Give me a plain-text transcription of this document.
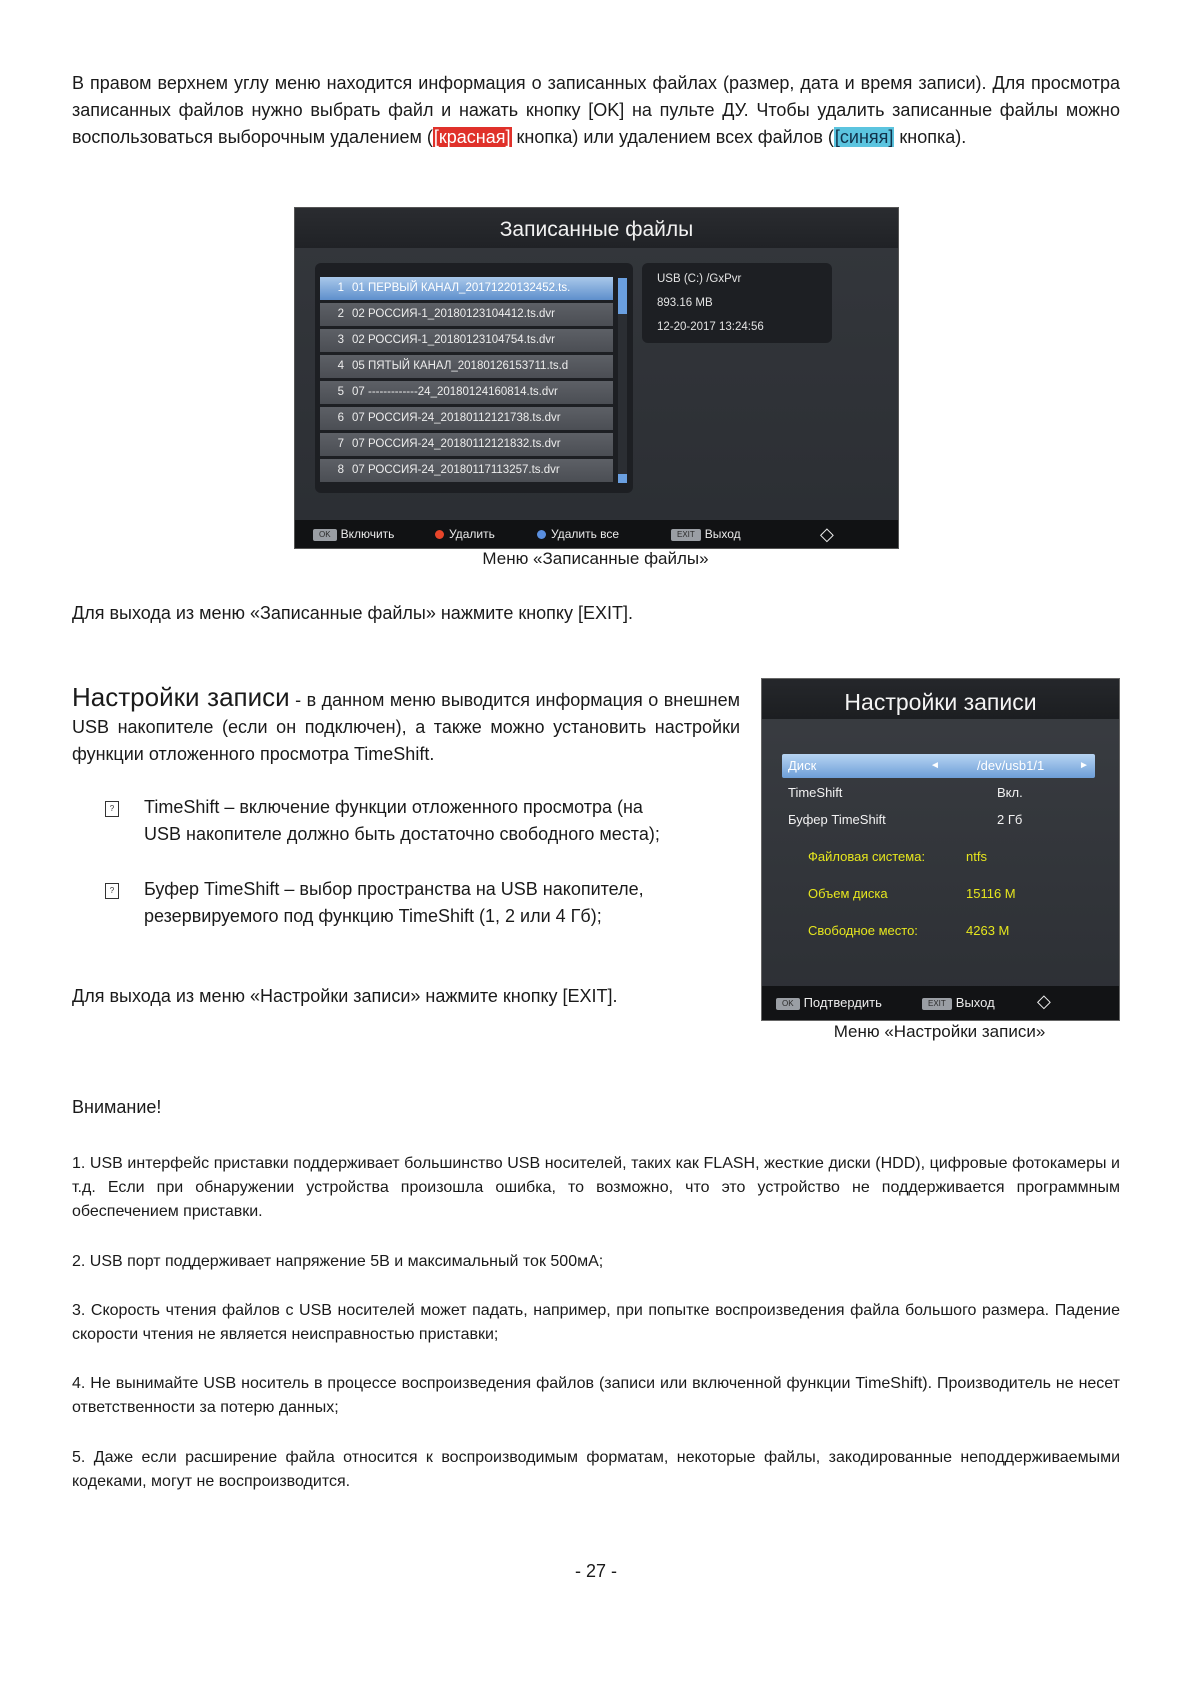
В правом верхнем углу меню находится информация о записанных файлах (размер, дата и время записи). Для просмотра записанных файлов нужно выбрать файл и нажать кнопку [OK] на пульте ДУ. Чтобы удалить записанные файлы можно воспользоваться выборочным удалением ([красная] кнопка) или удалением всех файлов ([синяя] кнопка).
Записанные файлы
1 01 ПЕРВЫЙ КАНАЛ_20171220132452.ts.
2 02 РОССИЯ-1_20180123104412.ts.dvr
3 02 РОССИЯ-1_20180123104754.ts.dvr
4 05 ПЯТЫЙ КАНАЛ_20180126153711.ts.d
5 07 -------------24_20180124160814.ts.dvr
6 07 РОССИЯ-24_20180112121738.ts.dvr
7 07 РОССИЯ-24_20180112121832.ts.dvr
8 07 РОССИЯ-24_20180117113257.ts.dvr
USB (C:) /GxPvr
893.16 MB
12-20-2017 13:24:56
OK Включить	Удалить	Удалить все	EXIT Выход	◇
Меню «Записанные файлы»
Для выхода из меню «Записанные файлы» нажмите кнопку [EXIT].
Настройки записи - в данном меню выводится информация о внешнем USB накопителе (если он подключен), а также можно установить настройки функции отложенного просмотра TimeShift.
? TimeShift – включение функции отложенного просмотра (на
USB накопителе должно быть достаточно свободного места);
? Буфер TimeShift – выбор пространства на USB накопителе,
резервируемого под функцию TimeShift (1, 2 или 4 Гб);
Для выхода из меню «Настройки записи» нажмите кнопку [EXIT].
Настройки записи
Диск	◄	/dev/usb1/1	►
TimeShift	Вкл.
Буфер TimeShift	2 Гб
Файловая система:	ntfs
Объем диска	15116 M
Свободное место:	4263 M
OK Подтвердить	EXIT Выход ◇
Меню «Настройки записи»
Внимание!
1. USB интерфейс приставки поддерживает большинство USB носителей, таких как FLASH, жесткие диски (HDD), цифровые фотокамеры и т.д. Если при обнаружении устройства произошла ошибка, то возможно, что это устройство не поддерживается программным обеспечением приставки.
2. USB порт поддерживает напряжение 5В и максимальный ток 500мА;
3. Скорость чтения файлов с USB носителей может падать, например, при попытке воспроизведения файла большого размера. Падение скорости чтения не является неисправностью приставки;
4. Не вынимайте USB носитель в процессе воспроизведения файлов (записи или включенной функции TimeShift). Производитель не несет ответственности за потерю данных;
5. Даже если расширение файла относится к воспроизводимым форматам, некоторые файлы, закодированные неподдерживаемыми кодеками, могут не воспроизводится.
- 27 -
